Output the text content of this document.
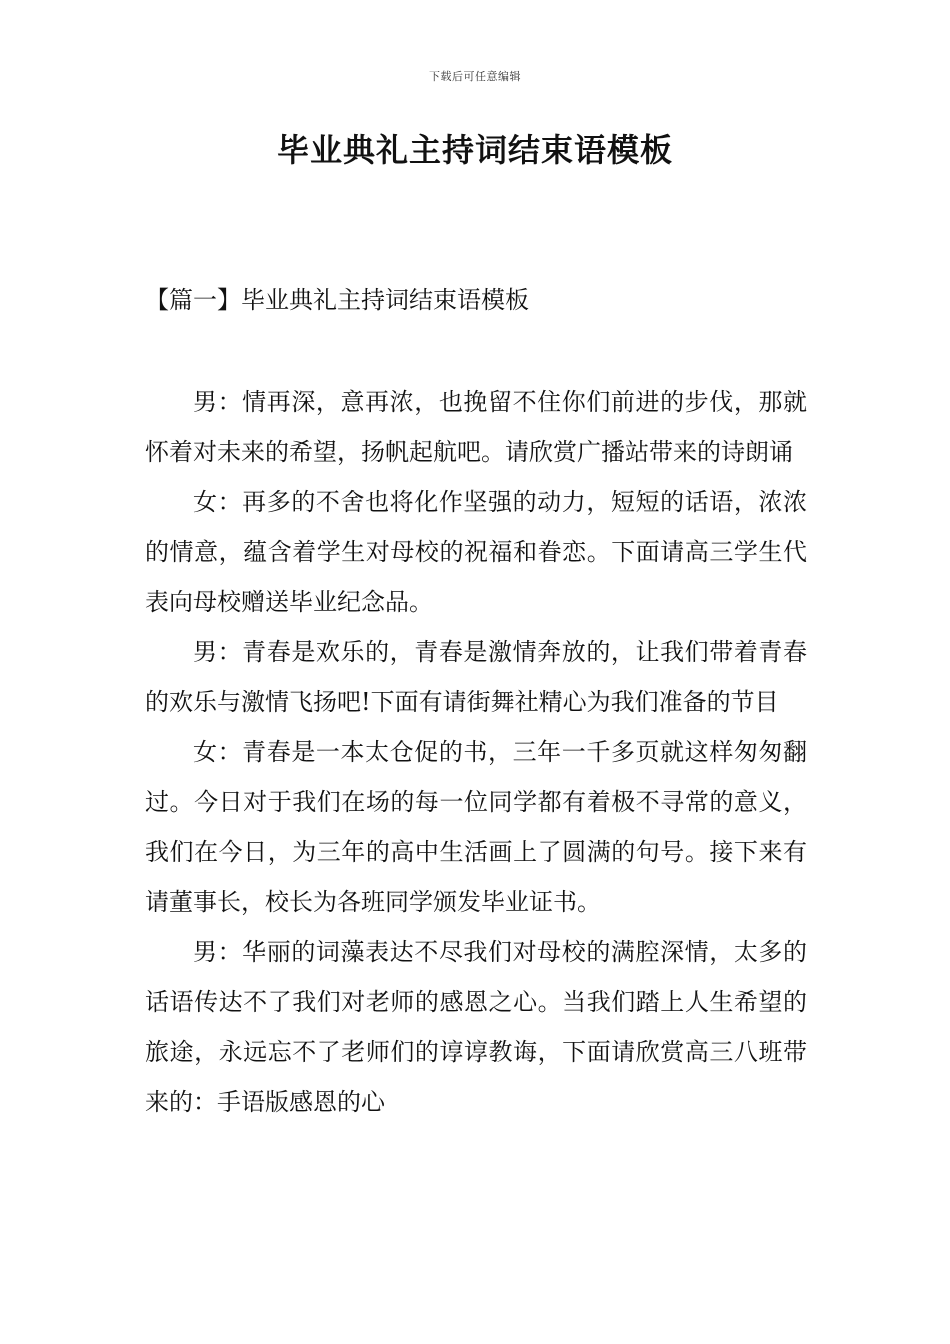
下载后可任意编辑
毕业典礼主持词结束语模板
【篇一】毕业典礼主持词结束语模板

男：情再深，意再浓，也挽留不住你们前进的步伐，那就怀着对未来的希望，扬帆起航吧。请欣赏广播站带来的诗朗诵

女：再多的不舍也将化作坚强的动力，短短的话语，浓浓的情意，蕴含着学生对母校的祝福和眷恋。下面请高三学生代表向母校赠送毕业纪念品。

男：青春是欢乐的，青春是激情奔放的，让我们带着青春的欢乐与激情飞扬吧!下面有请街舞社精心为我们准备的节目

女：青春是一本太仓促的书，三年一千多页就这样匆匆翻过。今日对于我们在场的每一位同学都有着极不寻常的意义，我们在今日，为三年的高中生活画上了圆满的句号。接下来有请董事长，校长为各班同学颁发毕业证书。

男：华丽的词藻表达不尽我们对母校的满腔深情，太多的话语传达不了我们对老师的感恩之心。当我们踏上人生希望的旅途，永远忘不了老师们的谆谆教诲，下面请欣赏高三八班带来的：手语版感恩的心
